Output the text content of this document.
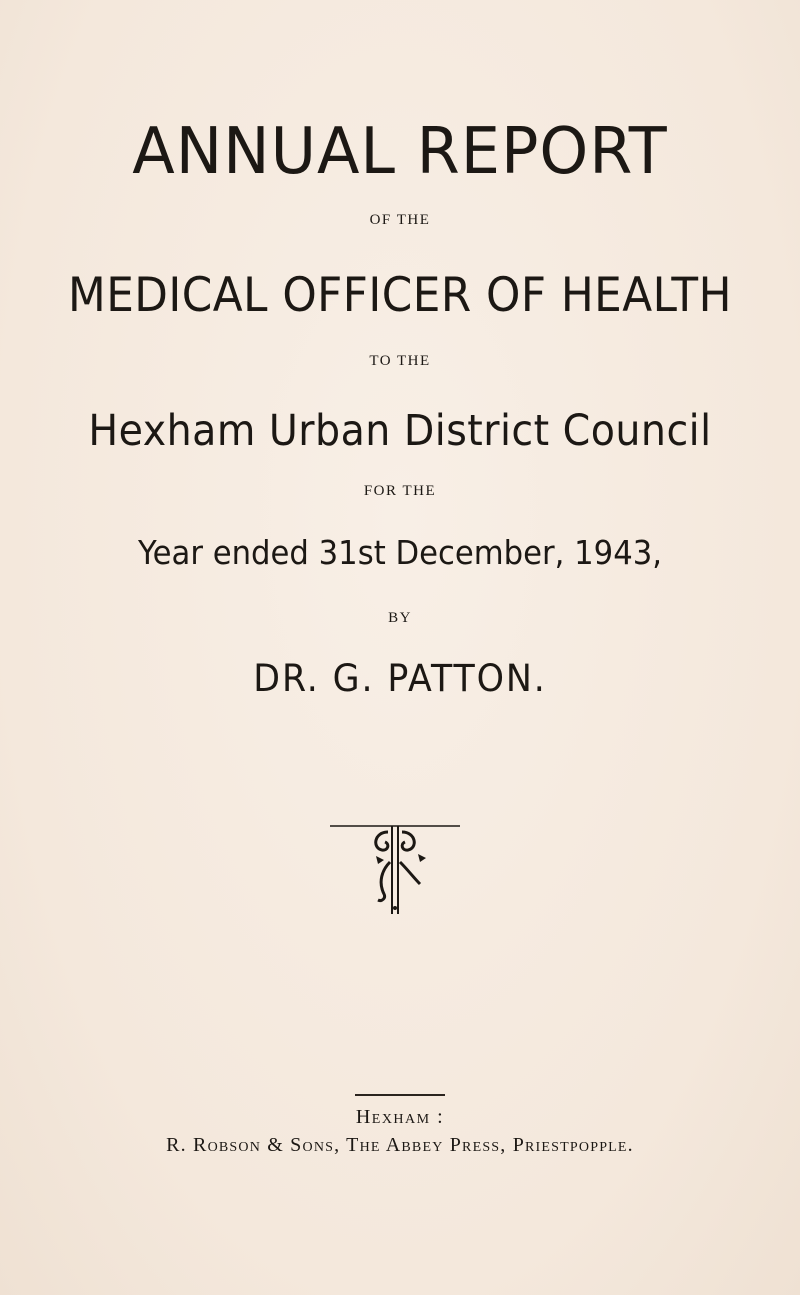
ANNUAL REPORT
OF THE
MEDICAL OFFICER OF HEALTH
TO THE
Hexham Urban District Council
FOR THE
Year ended 31st December, 1943,
BY
DR. G. PATTON.
Hexham :
R. Robson & Sons, The Abbey Press, Priestpopple.
